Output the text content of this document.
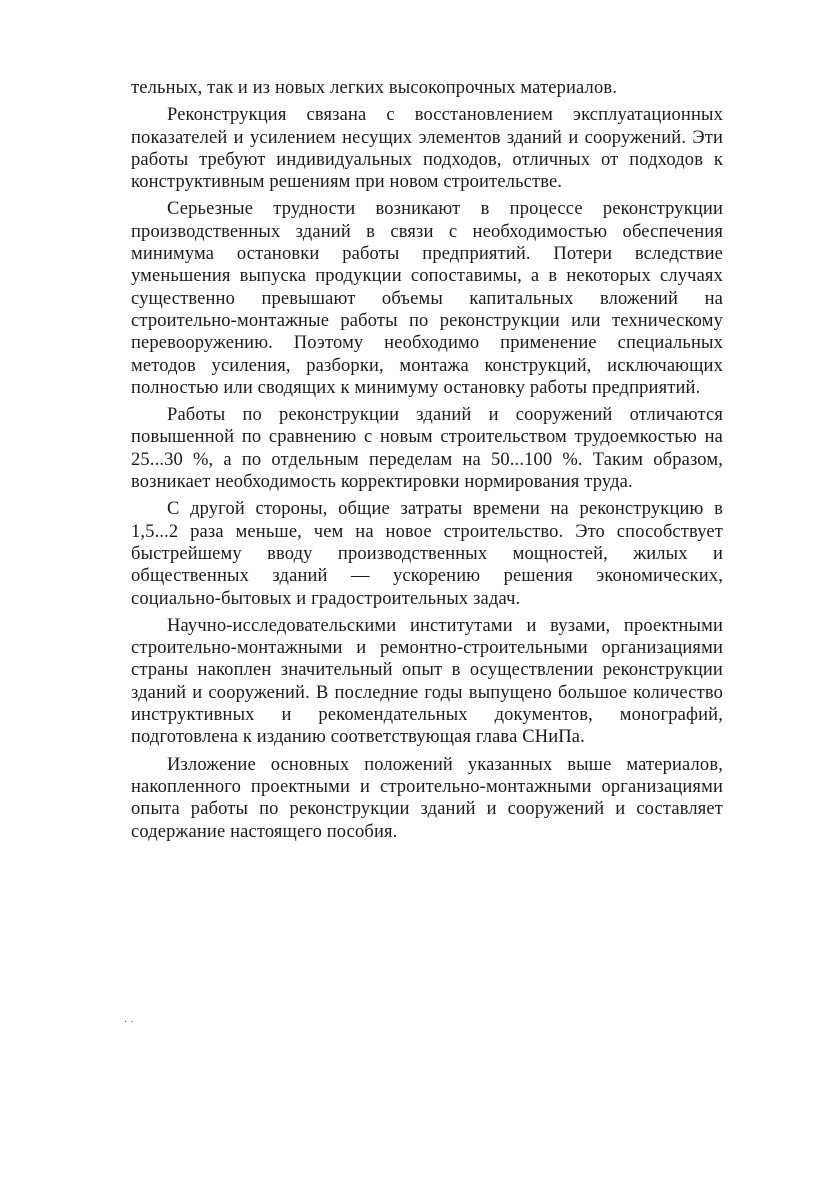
тельных, так и из новых легких высокопрочных материалов.

Реконструкция связана с восстановлением эксплуатационных показателей и усилением несущих элементов зданий и сооружений. Эти работы требуют индивидуальных подходов, отличных от подходов к конструктивным решениям при новом строительстве.

Серьезные трудности возникают в процессе реконструкции производственных зданий в связи с необходимостью обеспечения минимума остановки работы предприятий. Потери вследствие уменьшения выпуска продукции сопоставимы, а в некоторых случаях существенно превышают объемы капитальных вложений на строительно-монтажные работы по реконструкции или техническому перевооружению. Поэтому необходимо применение специальных методов усиления, разборки, монтажа конструкций, исключающих полностью или сводящих к минимуму остановку работы предприятий.

Работы по реконструкции зданий и сооружений отличаются повышенной по сравнению с новым строительством трудоемкостью на 25...30 %, а по отдельным переделам на 50...100 %. Таким образом, возникает необходимость корректировки нормирования труда.

С другой стороны, общие затраты времени на реконструкцию в 1,5...2 раза меньше, чем на новое строительство. Это способствует быстрейшему вводу производственных мощностей, жилых и общественных зданий — ускорению решения экономических, социально-бытовых и градостроительных задач.

Научно-исследовательскими институтами и вузами, проектными строительно-монтажными и ремонтно-строительными организациями страны накоплен значительный опыт в осуществлении реконструкции зданий и сооружений. В последние годы выпущено большое количество инструктивных и рекомендательных документов, монографий, подготовлена к изданию соответствующая глава СНиПа.

Изложение основных положений указанных выше материалов, накопленного проектными и строительно-монтажными организациями опыта работы по реконструкции зданий и сооружений и составляет содержание настоящего пособия.

· ·
